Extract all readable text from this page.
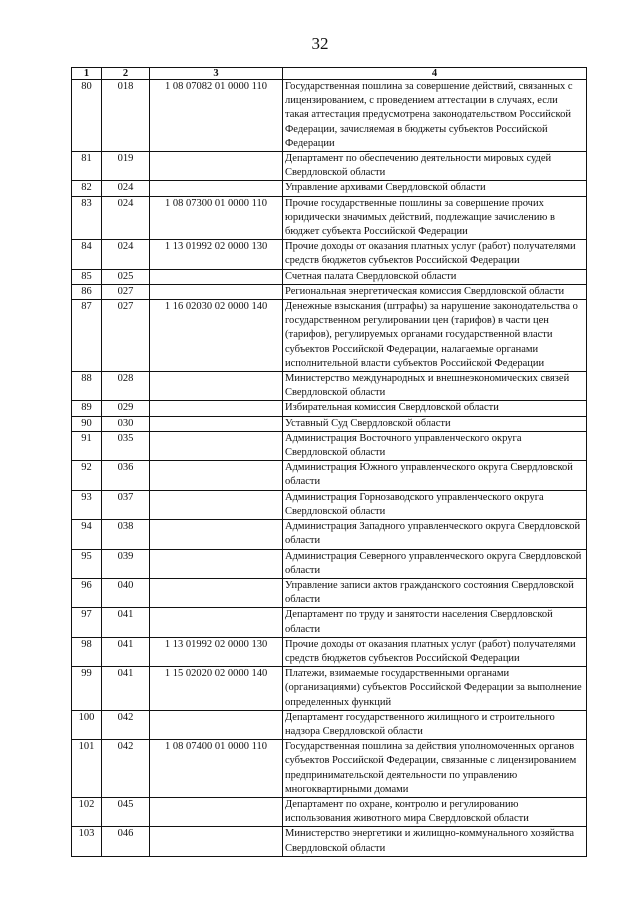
32
1	2	3	4
80	018	1 08 07082 01 0000 110	Государственная пошлина за совершение действий, связанных с лицензированием, с проведением аттестации в случаях, если такая аттестация предусмотрена законодательством Российской Федерации, зачисляемая в бюджеты субъектов Российской Федерации
81	019		Департамент по обеспечению деятельности мировых судей Свердловской области
82	024		Управление архивами Свердловской области
83	024	1 08 07300 01 0000 110	Прочие государственные пошлины за совершение прочих юридически значимых действий, подлежащие зачислению в бюджет субъекта Российской Федерации
84	024	1 13 01992 02 0000 130	Прочие доходы от оказания платных услуг (работ) получателями средств бюджетов субъектов Российской Федерации
85	025		Счетная палата Свердловской области
86	027		Региональная энергетическая комиссия Свердловской области
87	027	1 16 02030 02 0000 140	Денежные взыскания (штрафы) за нарушение законодательства о государственном регулировании цен (тарифов) в части цен (тарифов), регулируемых органами государственной власти субъектов Российской Федерации, налагаемые органами исполнительной власти субъектов Российской Федерации
88	028		Министерство международных и внешнеэкономических связей Свердловской области
89	029		Избирательная комиссия Свердловской области
90	030		Уставный Суд Свердловской области
91	035		Администрация Восточного управленческого округа Свердловской области
92	036		Администрация Южного управленческого округа Свердловской области
93	037		Администрация Горнозаводского управленческого округа Свердловской области
94	038		Администрация Западного управленческого округа Свердловской области
95	039		Администрация Северного управленческого округа Свердловской области
96	040		Управление записи актов гражданского состояния Свердловской области
97	041		Департамент по труду и занятости населения Свердловской области
98	041	1 13 01992 02 0000 130	Прочие доходы от оказания платных услуг (работ) получателями средств бюджетов субъектов Российской Федерации
99	041	1 15 02020 02 0000 140	Платежи, взимаемые государственными органами (организациями) субъектов Российской Федерации за выполнение определенных функций
100	042		Департамент государственного жилищного и строительного надзора Свердловской области
101	042	1 08 07400 01 0000 110	Государственная пошлина за действия уполномоченных органов субъектов Российской Федерации, связанные с лицензированием предпринимательской деятельности по управлению многоквартирными домами
102	045		Департамент по охране, контролю и регулированию использования животного мира Свердловской области
103	046		Министерство энергетики и жилищно-коммунального хозяйства Свердловской области
